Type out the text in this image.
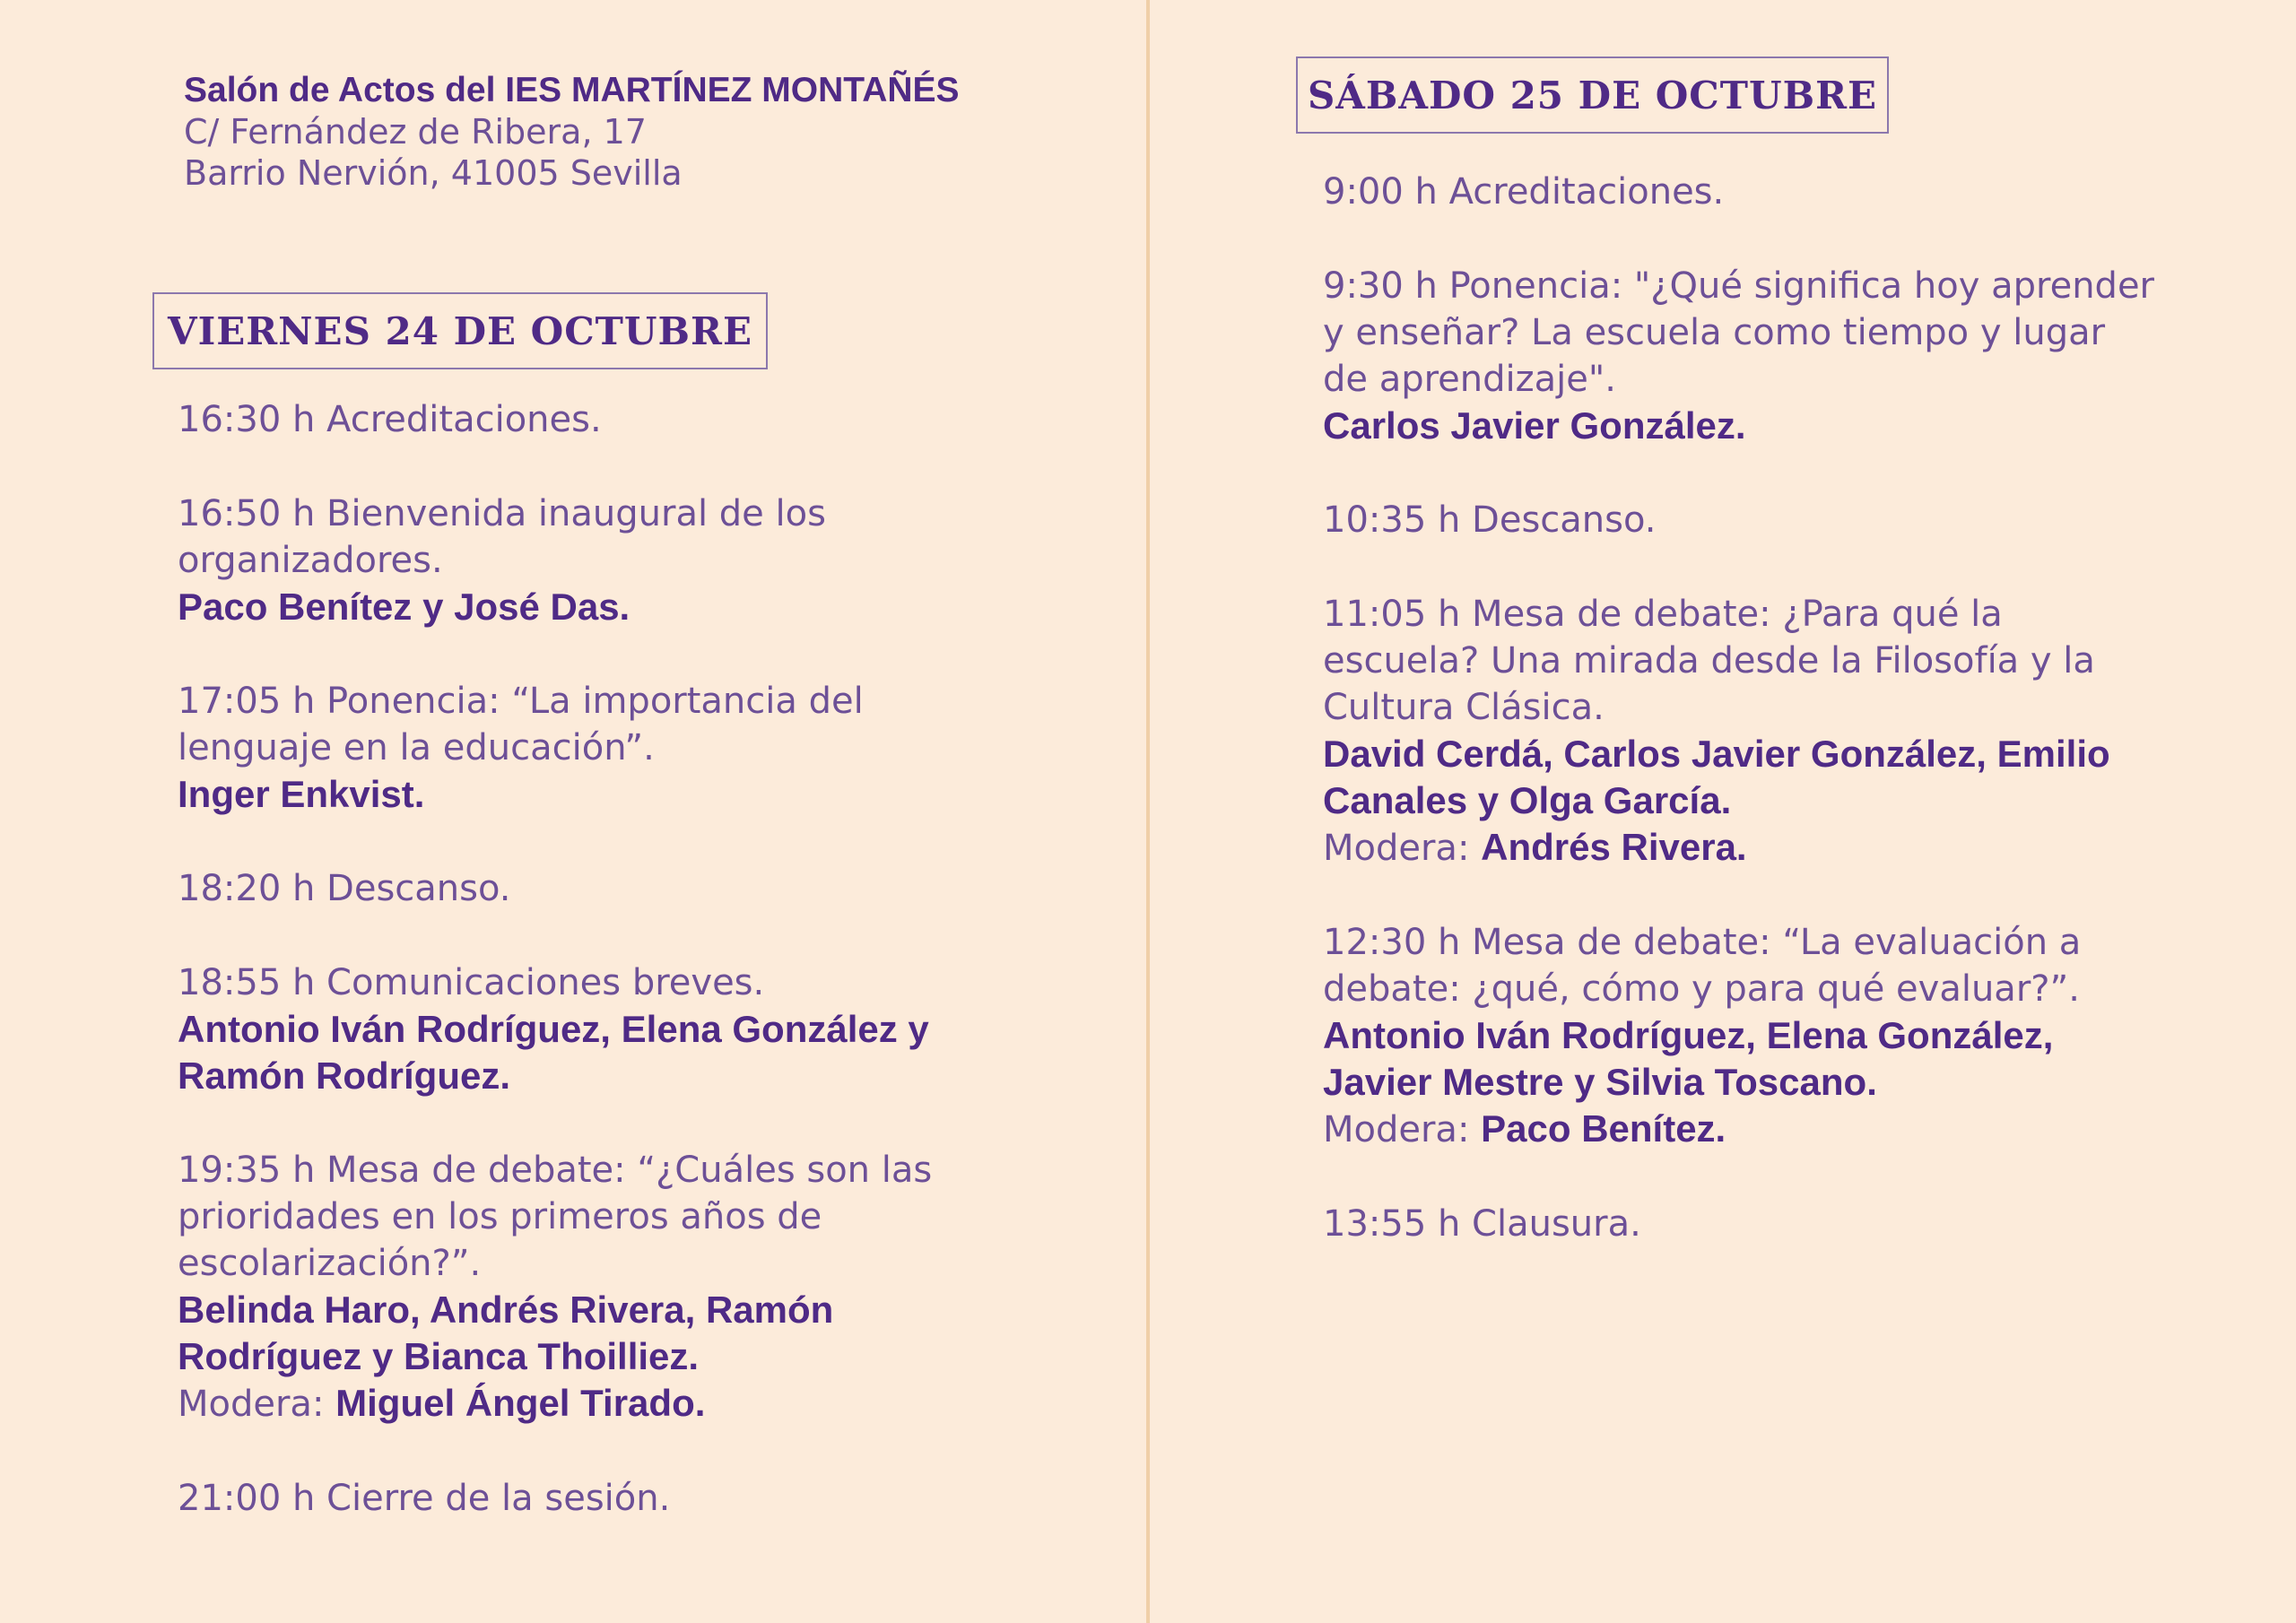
Salón de Actos del IES MARTÍNEZ MONTAÑÉS
C/ Fernández de Ribera, 17
Barrio Nervión, 41005 Sevilla
VIERNES 24 DE OCTUBRE

16:30 h Acreditaciones.

16:50 h Bienvenida inaugural de los organizadores.

Paco Benítez y José Das.

17:05 h Ponencia: “La importancia del lenguaje en la educación”.

Inger Enkvist.

18:20 h Descanso.

18:55 h Comunicaciones breves.

Antonio Iván Rodríguez, Elena González y Ramón Rodríguez.

19:35 h Mesa de debate: “¿Cuáles son las prioridades en los primeros años de escolarización?”.

Belinda Haro, Andrés Rivera, Ramón Rodríguez y Bianca Thoilliez.

Modera: Miguel Ángel Tirado.

21:00 h Cierre de la sesión.

SÁBADO 25 DE OCTUBRE

9:00 h Acreditaciones.

9:30 h Ponencia: "¿Qué significa hoy aprender y enseñar? La escuela como tiempo y lugar de aprendizaje".

Carlos Javier González.

10:35 h Descanso.

11:05 h Mesa de debate: ¿Para qué la escuela? Una mirada desde la Filosofía y la Cultura Clásica.

David Cerdá, Carlos Javier González, Emilio Canales y Olga García.

Modera: Andrés Rivera.

12:30 h Mesa de debate: “La evaluación a debate: ¿qué, cómo y para qué evaluar?”.

Antonio Iván Rodríguez, Elena González, Javier Mestre y Silvia Toscano.

Modera: Paco Benítez.

13:55 h Clausura.
